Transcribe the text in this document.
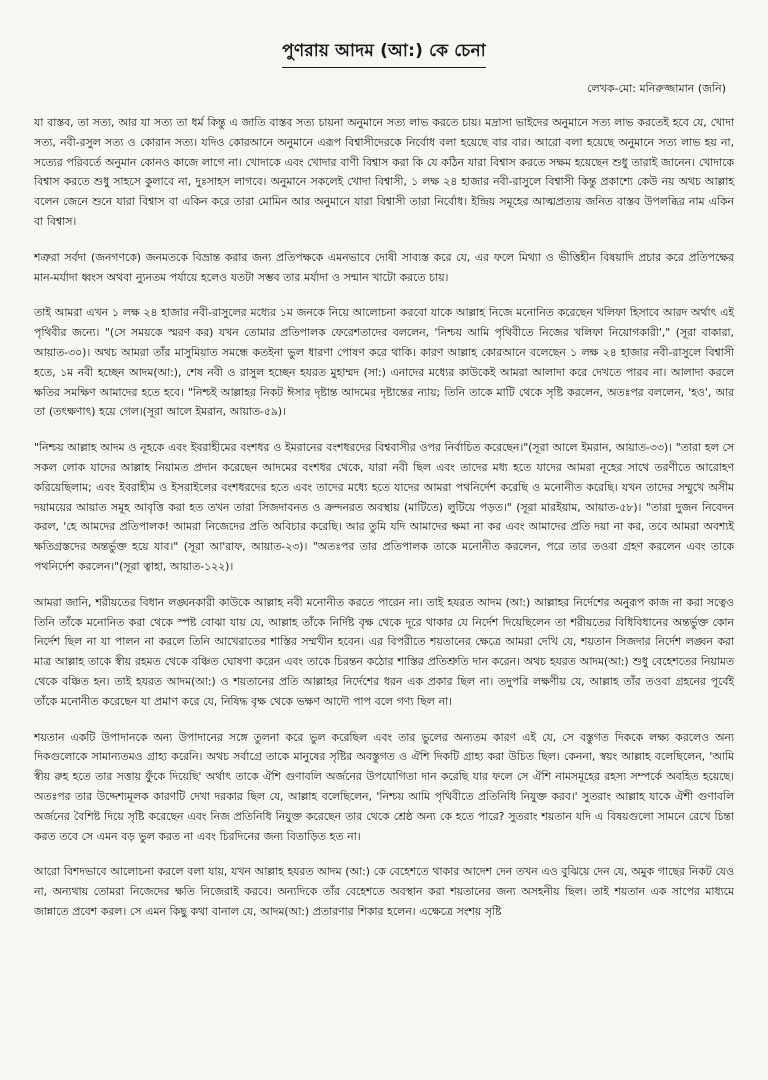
পুণরায় আদম (আ:) কে চেনা
লেখক-মো: মনিরুজ্জামান (জনি)

যা বাস্তব, তা সত্য, আর যা সত্য তা ধর্ম কিন্তু এ জাতি বাস্তব সত্য চায়না অনুমানে সত্য লাভ করতে চায়। মদ্রাসা ভাইদের অনুমানে সত্য লাভ করতেই হবে যে, খোদা সত্য, নবী-রসুল সত্য ও কোরান সত্য। যদিও কোরআনে অনুমানে এরূপ বিশ্বাসীদেরকে নির্বোধ বলা হয়েছে বার বার। আরো বলা হয়েছে অনুমানে সত্য লাভ হয় না, সত্যের পরিবর্তে অনুমান কোনও কাজে লাগে না। খোদাকে এবং খোদার বাণী বিশ্বাস করা কি যে কঠিন যারা বিশ্বাস করতে সক্ষম হয়েছেন শুধু তারাই জানেন। খোদাকে বিশ্বাস করতে শুধু সাহসে কুলাবে না, দুঃসাহস লাগবে। অনুমানে সকলেই খোদা বিশ্বাসী, ১ লক্ষ ২৪ হাজার নবী-রাসুলে বিশ্বাসী কিন্তু প্রকাশ্যে কেউ নয় অথচ আল্লাহ বলেন জেনে শুনে যারা বিশ্বাস বা একিন করে তারা মোমিন আর অনুমানে যারা বিশ্বাসী তারা নির্বোধ। ইন্দ্রিয় সমূহের আত্মপ্রত্যয় জনিত বাস্তব উপলব্ধির নাম একিন বা বিশ্বাস।

শত্রুরা সর্বদা (জনগণকে) জনমতকে বিভ্রান্ত করার জন্য প্রতিপক্ষকে এমনভাবে দোষী সাব্যস্ত করে যে, এর ফলে মিথ্যা ও ভীত্তিহীন বিষয়াদি প্রচার করে প্রতিপক্ষের মান-মর্যাদা ধ্বংস অথবা ন্যুনতম পর্যায়ে হলেও যতটা সম্ভব তার মর্যাদা ও সন্মান খাটো করতে চায়।

তাই আমরা এখন ১ লক্ষ ২৪ হাজার নবী-রাসুলের মধ্যের ১ম জনকে নিয়ে আলোচনা করবো যাকে আল্লাহ নিজে মনোনিত করেছেন খলিফা হিসাবে আরদ অর্থাৎ এই পৃথিবীর জন্যে। "(সে সময়কে স্মরণ কর) যখন তোমার প্রতিপালক ফেরেশতাদের বললেন, 'নিশ্চয় আমি পৃথিবীতে নিজের খলিফা নিয়োগকারী'," (সূরা বাকারা, আয়াত-৩০)। অথচ আমরা তাঁর মাসুমিয়াত সমন্ধে কতইনা ভুল ধারণা পোষণ করে থাকি। কারণ আল্লাহ কোরআনে বলেছেন ১ লক্ষ ২৪ হাজার নবী-রাসুলে বিশ্বাসী হতে, ১ম নবী হচ্ছেন আদম(আ:), শেষ নবী ও রাসুল হচ্ছেন হযরত মুহাম্মদ (সা:) এনাদের মধ্যের কাউকেই আমরা আলাদা করে দেখতে পারব না। আলাদা করলে ক্ষতির সমক্ষিণ আমাদের হতে হবে। "নিশ্চই আল্লাহর নিকট ঈসার দৃষ্টান্ত আদমের দৃষ্টান্তের ন্যায়; তিনি তাকে মাটি থেকে সৃষ্টি করলেন, অতঃপর বললেন, 'হও', আর তা (তৎক্ষণাৎ) হয়ে গেল।(সূরা আলে ইমরান, আয়াত-৫৯)।

"নিশ্চয় আল্লাহ আদম ও নূহকে এবং ইবরাহীমের বংশধর ও ইমরানের বংশধরদের বিশ্ববাসীর ওপর নির্বাচিত করেছেন।"(সূরা আলে ইমরান, আয়াত-৩৩)। "তারা হল সে সকল লোক যাদের আল্লাহ নিয়ামত প্রদান করেছেন আদমের বংশধর থেকে, যারা নবী ছিল এবং তাদের মধ্য হতে যাদের আমরা নূহের সাথে তরণীতে আরোহণ করিয়েছিলাম; এবং ইবরাহীম ও ইসরাইলের বংশধরদের হতে এবং তাদের মধ্যে হতে যাদের আমরা পথনির্দেশ করেছি ও মনোনীত করেছি। যখন তাদের সম্মুখে অসীম দয়াময়ের আয়াত সমূহ আবৃত্তি করা হত তখন তারা সিজদাবনত ও ক্রন্দনরত অবস্থায় (মাটিতে) লুটিয়ে পড়ত।" (সূরা মারইয়াম, আয়াত-৫৮)। "তারা দুজন নিবেদন করল, 'হে আমদের প্রতিপালক! আমরা নিজেদের প্রতি অবিচার করেছি। আর তুমি যদি আমাদের ক্ষমা না কর এবং আমাদের প্রতি দয়া না কর, তবে আমরা অবশ্যই ক্ষতিগ্রস্তদের অন্তর্ভুক্ত হয়ে যাব।" (সূরা আ'রাফ, আয়াত-২৩)। "অতঃপর তার প্রতিপালক তাকে মনোনীত করলেন, পরে তার তওবা গ্রহণ করলেন এবং তাকে পথনির্দেশ করলেন।"(সূরা ত্বাহা, আয়াত-১২২)।

আমরা জানি, শরীয়তের বিধান লঙ্ঘনকারী কাউকে আল্লাহ নবী মনোনীত করতে পারেন না। তাই হযরত আদম (আ:) আল্লাহর নির্দেশের অনুরূপ কাজ না করা সত্বেও তিনি তাঁকে মনোনিত করা থেকে স্পষ্ট বোঝা যায় যে, আল্লাহ তাঁকে নির্দিষ্ট বৃক্ষ থেকে দূরে থাকার যে নির্দেশ দিয়েছিলেন তা শরীয়তের বিধিবিধানের অন্তর্ভুক্ত কোন নির্দেশ ছিল না যা পালন না করলে তিনি আখেরাতের শাস্তির সম্মখীন হবেন। এর বিপরীতে শয়তানের ক্ষেত্রে আমরা দেখি যে, শয়তান সিজদার নির্দেশ লঙ্ঘন করা মাত্র আল্লাহ তাকে স্বীয় রহমত থেকে বঞ্চিত ঘোষণা করেন এবং তাকে চিরন্তন কঠোর শাস্তির প্রতিশ্রুতি দান করেন। অথচ হযরত আদম(আ:) শুধু বেহেশতের নিয়ামত থেকে বঞ্চিত হন। তাই হযরত আদম(আ:) ও শয়তানের প্রতি আল্লাহর নির্দেশের ধরন এক প্রকার ছিল না। তদুপরি লক্ষণীয় যে, আল্লাহ তাঁর তওবা গ্রহনের পূর্বেই তাঁকে মনোনীত করেছেন যা প্রমাণ করে যে, নিষিদ্ধ বৃক্ষ থেকে ভক্ষণ আদৌ পাপ বলে গণ্য ছিল না।

শয়তান একটি উপাদানকে অন্য উপাদানের সঙ্গে তুলনা করে ভুল করেছিল এবং তার ভুলের অন্যতম কারণ এই যে, সে বস্তুগত দিককে লক্ষ্য করলেও অন্য দিকগুলোকে সামান্যতমও গ্রাহ্য করেনি। অথচ সর্বাগ্রে তাকে মানুষের সৃষ্টির অবস্তুগত ও ঐশি দিকটি গ্রাহ্য করা উচিত ছিল। কেননা, স্বয়ং আল্লাহ বলেছিলেন, 'আমি স্বীয় রুহ হতে তার সত্তায় ফুঁকে দিয়েছি' অর্থাৎ তাকে ঐশি গুণাবলি অর্জনের উপযোগিতা দান করেছি যার ফলে সে ঐশি নামসমূহের রহস্য সম্পর্কে অবহিত হয়েছে। অতঃপর তার উদ্দেশ্যমূলক কারণটি দেখা দরকার ছিল যে, আল্লাহ বলেছিলেন, 'নিশ্চয় আমি পৃথিবীতে প্রতিনিধি নিযুক্ত করব।' সুতরাং আল্লাহ যাকে ঐশী গুণাবলি অর্জনের বৈশিষ্ট দিয়ে সৃষ্টি করেছেন এবং নিজ প্রতিনিধি নিযুক্ত করেছেন তার থেকে শ্রেষ্ঠ অন্য কে হতে পারে? সুতরাং শয়তান যদি এ বিষয়গুলো সামনে রেখে চিন্তা করত তবে সে এমন বড় ভুল করত না এবং চিরদিনের জন্য বিতাড়িত হত না।

আরো বিশদভাবে আলোচনা করলে বলা যায়, যখন আল্লাহ হযরত আদম (আ:) কে বেহেশতে থাকার আদেশ দেন তখন এও বুঝিয়ে দেন যে, অমুক গাছের নিকট যেও না, অন্যথায় তোমরা নিজেদের ক্ষতি নিজেরাই করবে। অন্যদিকে তাঁর বেহেশতে অবস্থান করা শয়তানের জন্য অসহনীয় ছিল। তাই শয়তান এক সাপের মাধ্যমে জান্নাতে প্রবেশ করল। সে এমন কিছু কথা বানাল যে, আদম(আ:) প্রতারণার শিকার হলেন। এক্ষেত্রে সংশয় সৃষ্টি
